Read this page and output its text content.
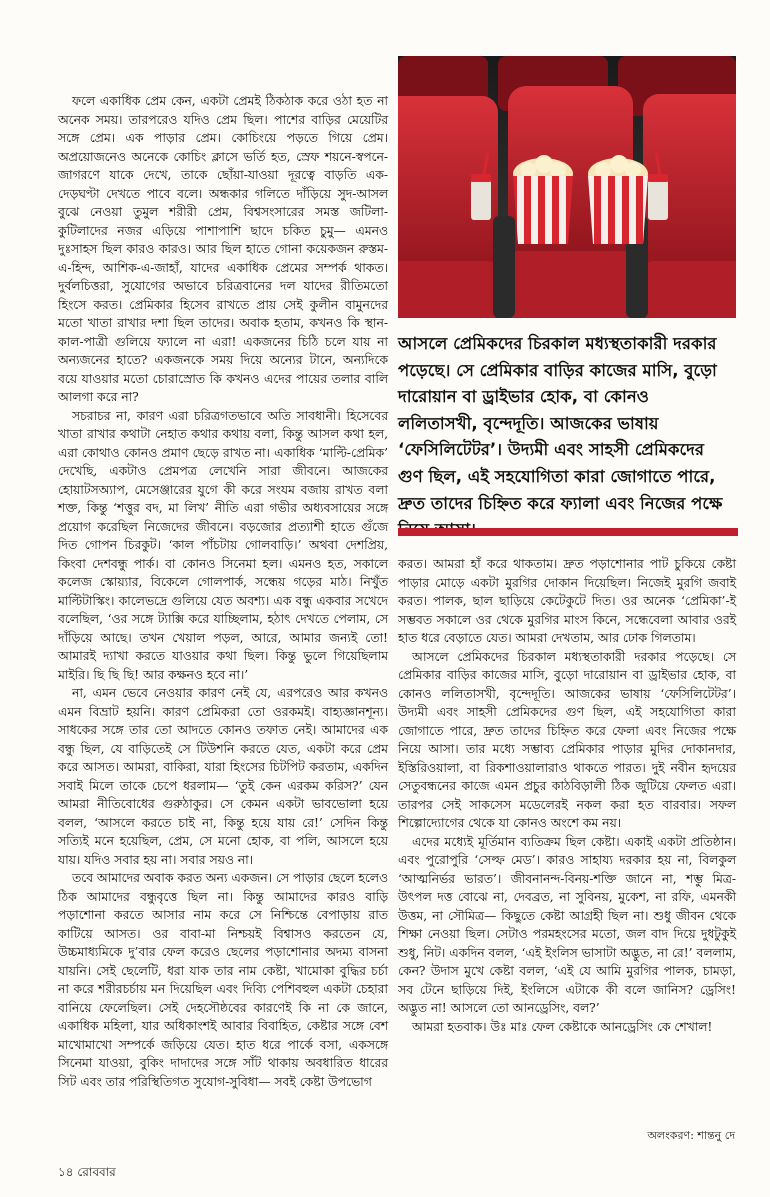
আসলে প্রেমিকদের চিরকাল মধ্যস্থতাকারী দরকার পড়েছে। সে প্রেমিকার বাড়ির কাজের মাসি, বুড়ো দারোয়ান বা ড্রাইভার হোক, বা কোনও ললিতাসখী, বৃন্দেদূতি। আজকের ভাষায় ‘ফেসিলিটেটর’। উদ্যমী এবং সাহসী প্রেমিকদের গুণ ছিল, এই সহযোগিতা কারা জোগাতে পারে, দ্রুত তাদের চিহ্নিত করে ফ্যালা এবং নিজের পক্ষে

ফলে একাধিক প্রেম কেন, একটা প্রেমই ঠিকঠাক করে ওঠা হত না অনেক সময়। তারপরেও যদিও প্রেম ছিল। পাশের বাড়ির মেয়েটির সঙ্গে প্রেম। এক পাড়ার প্রেম। কোচিংয়ে পড়তে গিয়ে প্রেম। অপ্রয়োজনেও অনেকে কোচিং ক্লাসে ভর্তি হত, স্রেফ শয়নে-স্বপনে-জাগরণে যাকে দেখে, তাকে ছোঁয়া-যাওয়া দূরত্বে বাড়তি এক-দেড়ঘণ্টা দেখতে পাবে বলে। অন্ধকার গলিতে দাঁড়িয়ে সুদ-আসল বুঝে নেওয়া তুমুল শরীরী প্রেম, বিশ্বসংসারের সমস্ত জটিলা-কুটিলাদের নজর এড়িয়ে পাশাপাশি ছাদে চকিত চুমু— এমনও দুঃসাহস ছিল কারও কারও। আর ছিল হাতে গোনা কয়েকজন রুস্তম-এ-হিন্দ, আশিক-এ-জাহাঁ, যাদের একাধিক প্রেমের সম্পর্ক থাকত। দুর্বলচিত্তরা, সুযোগের অভাবে চরিত্রবানের দল যাদের রীতিমতো হিংসে করত। প্রেমিকার হিসেব রাখতে প্রায় সেই কুলীন বামুনদের মতো খাতা রাখার দশা ছিল তাদের। অবাক হতাম, কখনও কি স্থান-কাল-পাত্রী গুলিয়ে ফ্যালে না এরা! একজনের চিঠি চলে যায় না অন্যজনের হাতে? একজনকে সময় দিয়ে অন্যের টানে, অন্যদিকে বয়ে যাওয়ার মতো চোরাস্রোত কি কখনও এদের পায়ের তলার বালি আলগা করে না?

সচরাচর না, কারণ এরা চরিত্রগতভাবে অতি সাবধানী। হিসেবের খাতা রাখার কথাটা নেহাত কথার কথায় বলা, কিন্তু আসল কথা হল, এরা কোথাও কোনও প্রমাণ ছেড়ে রাখত না। একাধিক ‘মাল্টি-প্রেমিক’ দেখেছি, একটাও প্রেমপত্র লেখেনি সারা জীবনে। আজকের হোয়াটসঅ্যাপ, মেসেঞ্জারের যুগে কী করে সংযম বজায় রাখত বলা শক্ত, কিন্তু ‘শত্তুর বদ, মা লিখ’ নীতি এরা গভীর অধ্যবসায়ের সঙ্গে প্রয়োগ করেছিল নিজেদের জীবনে। বড়জোর প্রত্যাশী হাতে গুঁজে দিত গোপন চিরকুট। ‘কাল পাঁচটায় গোলবাড়ি।’ অথবা দেশপ্রিয়, কিংবা দেশবন্ধু পার্ক। বা কোনও সিনেমা হল। এমনও হত, সকালে কলেজ স্কোয়্যার, বিকেলে গোলপার্ক, সন্ধেয় গড়ের মাঠ। নিখুঁত মাল্টিটাস্কিং। কালেভদ্রে গুলিয়ে যেত অবশ্য। এক বন্ধু একবার সখেদে বলেছিল, ‘ওর সঙ্গে ট্যাক্সি করে যাচ্ছিলাম, হঠাৎ দেখতে পেলাম, সে দাঁড়িয়ে আছে। তখন খেয়াল পড়ল, আরে, আমার জন্যই তো! আমারই দ্যাখা করতে যাওয়ার কথা ছিল। কিন্তু ভুলে গিয়েছিলাম মাইরি। ছি ছি ছি! আর কক্ষনও হবে না।’

না, এমন ভেবে নেওয়ার কারণ নেই যে, এরপরেও আর কখনও এমন বিভ্রাট হয়নি। কারণ প্রেমিকরা তো ওরকমই। বাহ্যজ্ঞানশূন্য। সাধকের সঙ্গে তার তো আদতে কোনও তফাত নেই। আমাদের এক বন্ধু ছিল, যে বাড়িতেই সে টিউশনি করতে যেত, একটা করে প্রেম করে আসত। আমরা, বাকিরা, যারা হিংসের চিটপিট করতাম, একদিন সবাই মিলে তাকে চেপে ধরলাম— ‘তুই কেন এরকম করিস?’ যেন আমরা নীতিবোধের গুরুঠাকুর। সে কেমন একটা ভাবভোলা হয়ে বলল, ‘আসলে করতে চাই না, কিন্তু হয়ে যায় রে!’ সেদিন কিন্তু সত্যিই মনে হয়েছিল, প্রেম, সে মনো হোক, বা পলি, আসলে হয়ে যায়। যদিও সবার হয় না। সবার সয়ও না।

তবে আমাদের অবাক করত অন্য একজন। সে পাড়ার ছেলে হলেও ঠিক আমাদের বন্ধুবৃত্তে ছিল না। কিন্তু আমাদের কারও বাড়ি পড়াশোনা করতে আসার নাম করে সে নিশ্চিন্তে বেপাড়ায় রাত কাটিয়ে আসত। ওর বাবা-মা নিশ্চয়ই বিশ্বাসও করতেন যে, উচ্চমাধ্যমিকে দু’বার ফেল করেও ছেলের পড়াশোনার অদম্য বাসনা যায়নি। সেই ছেলেটি, ধরা যাক তার নাম কেষ্টা, খামোকা বুদ্ধির চর্চা না করে শরীরচর্চায় মন দিয়েছিল এবং দিব্যি পেশিবহুল একটা চেহারা বানিয়ে ফেলেছিল। সেই দেহসৌষ্ঠবের কারণেই কি না কে জানে, একাধিক মহিলা, যার অধিকাংশই আবার বিবাহিত, কেষ্টার সঙ্গে বেশ মাখোমাখো সম্পর্কে জড়িয়ে যেত। হাত ধরে পার্কে বসা, একসঙ্গে সিনেমা যাওয়া, বুকিং দাদাদের সঙ্গে সাঁট থাকায় অবধারিত ধারের সিট এবং তার পরিস্থিতিগত সুযোগ-সুবিধা— সবই কেষ্টা উপভোগ

করত। আমরা হাঁ করে থাকতাম। দ্রুত পড়াশোনার পাট চুকিয়ে কেষ্টা পাড়ার মোড়ে একটা মুরগির দোকান দিয়েছিল। নিজেই মুরগি জবাই করত। পালক, ছাল ছাড়িয়ে কেটেকুটে দিত। ওর অনেক ‘প্রেমিকা’-ই সম্ভবত সকালে ওর থেকে মুরগির মাংস কিনে, সন্ধেবেলা আবার ওরই হাত ধরে বেড়াতে যেত। আমরা দেখতাম, আর ঢোক গিলতাম।

আসলে প্রেমিকদের চিরকাল মধ্যস্থতাকারী দরকার পড়েছে। সে প্রেমিকার বাড়ির কাজের মাসি, বুড়ো দারোয়ান বা ড্রাইভার হোক, বা কোনও ললিতাসখী, বৃন্দেদূতি। আজকের ভাষায় ‘ফেসিলিটেটর’। উদ্যমী এবং সাহসী প্রেমিকদের গুণ ছিল, এই সহযোগিতা কারা জোগাতে পারে, দ্রুত তাদের চিহ্নিত করে ফেলা এবং নিজের পক্ষে নিয়ে আসা। তার মধ্যে সম্ভাব্য প্রেমিকার পাড়ার মুদির দোকানদার, ইস্তিরিওয়ালা, বা রিকশাওয়ালারাও থাকতে পারত। দুই নবীন হৃদয়ের সেতুবন্ধনের কাজে এমন প্রচুর কাঠবিড়ালী ঠিক জুটিয়ে ফেলত এরা। তারপর সেই সাকসেস মডেলেরই নকল করা হত বারবার। সফল শিল্পোদ্যোগের থেকে যা কোনও অংশে কম নয়।

এদের মধ্যেই মূর্তিমান ব্যতিক্রম ছিল কেষ্টা। একাই একটা প্রতিষ্ঠান। এবং পুরোপুরি ‘সেল্ফ মেড’। কারও সাহায্য দরকার হয় না, বিলকুল ‘আত্মনির্ভর ভারত’। জীবনানন্দ-বিনয়-শক্তি জানে না, শম্ভু মিত্র-উৎপল দত্ত বোঝে না, দেবব্রত, না সুবিনয়, মুকেশ, না রফি, এমনকী উত্তম, না সৌমিত্র— কিছুতে কেষ্টা আগ্রহী ছিল না। শুধু জীবন থেকে শিক্ষা নেওয়া ছিল। সেটাও পরমহংসের মতো, জল বাদ দিয়ে দুধটুকুই শুধু, নিট। একদিন বলল, ‘এই ইংলিস ভাসাটা অদ্ভুত, না রে!’ বললাম, কেন? উদাস মুখে কেষ্টা বলল, ‘এই যে আমি মুরগির পালক, চামড়া, সব টেনে ছাড়িয়ে দিই, ইংলিসে এটাকে কী বলে জানিস? ড্রেসিং! অদ্ভুত না! আসলে তো আনড্রেসিং, বল?’

আমরা হতবাক। উঃ মাঃ ফেল কেষ্টাকে আনড্রেসিং কে শেখাল!

অলংকরণ: শান্তনু দে
১৪ রোববার
